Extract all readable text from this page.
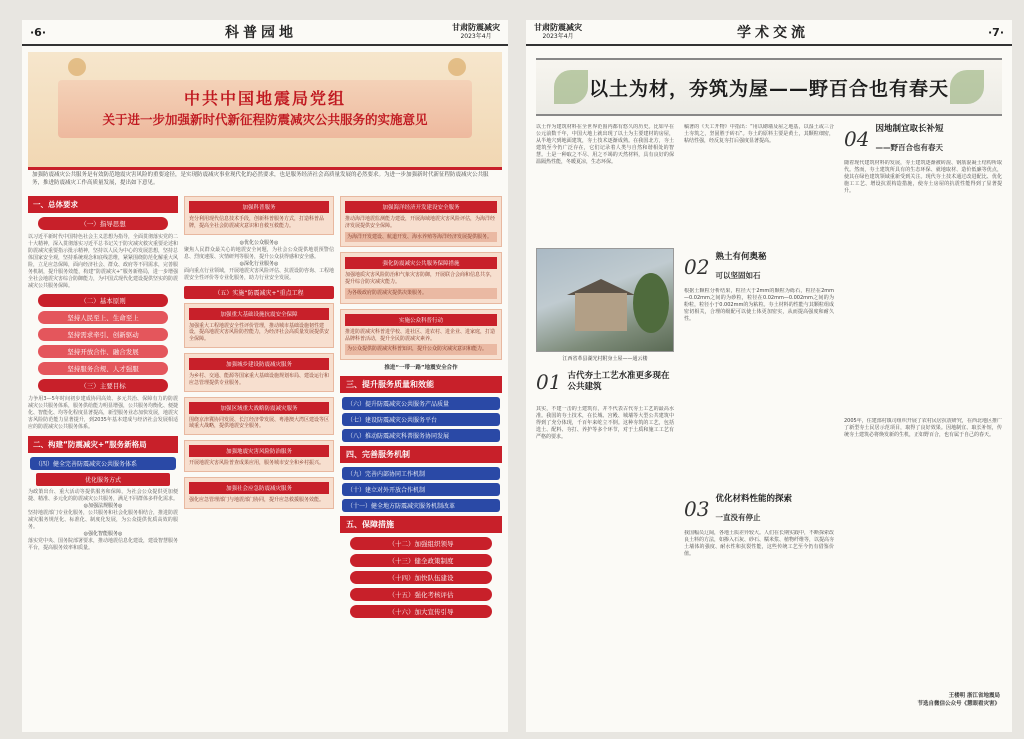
·6·	科普园地	甘肃防震减灾
2023年4月
中共中国地震局党组
关于进一步加强新时代新征程防震减灾公共服务的实施意见
加强防震减灾公共服务是有效防范地震灾害风险的重要途径，是实现防震减灾事业现代化的必然要求，也是服务经济社会高质量发展的必然要求。为进一步加强新时代新征程防震减灾公共服务，推进防震减灾工作高质量发展，提出如下意见。
一、总体要求
（一）指导思想
以习近平新时代中国特色社会主义思想为指导，全面贯彻落实党的二十大精神，深入贯彻落实习近平总书记关于防灾减灾救灾重要论述和防震减灾重要指示批示精神，坚持以人民为中心的发展思想，坚持总体国家安全观，坚持系统观念和底线思维，紧紧围绕防范化解重大风险，立足应急保障，面向经济社会、群众、政府等不同需求，完善服务机制，提升服务效能，构建“防震减灾+”服务新格局，进一步增强全社会地震灾害综合防御能力，为中国式现代化建设提供坚实的防震减灾公共服务保障。
（二）基本原则
坚持人民至上、生命至上
坚持需求牵引、创新驱动
坚持开放合作、融合发展
坚持服务合规、人才强服
（三）主要目标
力争用3—5年时间初步建成协同高效、多元共治、保障有力的防震减灾公共服务体系，服务供给能力明显增强，公共服务均衡化、便捷化、智能化、均等化程度显著提高，新型服务业态加快发展，地震灾害风险防范能力显著提升，到2035年基本建成与经济社会发展相适应的防震减灾公共服务体系。
二、构建“防震减灾+”服务新格局
（四）健全完善防震减灾公共服务体系
优化服务方式
为政策出台、重大活动等提供服务和保障，为社会公众提供更加便捷、精准、多元化的防震减灾公共服务，满足不同群体多样化需求。
◎加强法规服务◎
坚持地震部门专业化服务，公共服务和社会化服务相结合，推进防震减灾服务规范化、标准化、制度化发展，为公众提供优质高效的服务。
◎强化智能服务◎
落实党中央、国务院部署要求，推动地震信息化建设，建设智慧服务平台，提高服务效率和质量。
加强科普服务
充分利用现代信息技术手段，创新科普服务方式，打造科普品牌，提高全社会防震减灾意识和自救互救能力。
◎优化公众服务◎
聚焦人民群众最关心的地震安全问题，为社会公众提供地震预警信息、烈度速报、灾情研判等服务，提升公众获得感和安全感。
◎深化行业服务◎
面向重点行业领域，开展地震灾害风险评估、抗震设防咨询、工程地震安全性评价等专业化服务，助力行业安全发展。
（五）实施“防震减灾+”重点工程
加强重大基础设施抗震安全保障
加强重大工程地震安全性评价管理，推动城市基础设施韧性建设，提高地震灾害风险防控能力，为经济社会高质量发展提供安全保障。
加强城乡建设防震减灾服务
为乡村、交通、能源等国家重大基础设施规划布局、建设运行和应急管理提供专业服务。
加强区域重大战略防震减灾服务
围绕京津冀协同发展、长江经济带发展、粤港澳大湾区建设等区域重大战略，提供地震安全服务。
加强地震灾害风险防治服务
开展地震灾害风险普查成果应用，服务城市安全和乡村振兴。
加强社会应急防震减灾服务
强化应急管理部门与地震部门协同，提升应急救援服务效能。
加强海洋经济开发建设安全服务
推动海洋地震监测能力建设，开展海域地震灾害风险评估，为海洋经济发展提供安全保障。
为海洋开发建设、航道开发、海水养殖等海洋经济发展提供服务。
强化防震减灾公共服务保障措施
加强地质灾害风险防治和气象灾害防御，开展联合会商和信息共享，提升综合防灾减灾能力。
为各级政府防震减灾提供决策服务。
实施公众科普行动
推进防震减灾科普进学校、进社区、进农村、进企业、进家庭，打造品牌科普活动，提升全民防震减灾素养。
为公众提供防震减灾科普知识，提升公众防灾减灾意识和能力。
推进“一带一路”地震安全合作
三、提升服务质量和效能
（六）提升防震减灾公共服务产品质量
（七）建设防震减灾公共服务平台
（八）推动防震减灾科普服务协同发展
四、完善服务机制
（九）完善内部协同工作机制
（十）建立对外开放合作机制
（十一）健全地方防震减灾服务机制改革
五、保障措施
（十二）加强组织领导
（十三）健全政策制度
（十四）加快队伍建设
（十五）强化考核评估
（十六）加大宣传引导
甘肃防震减灾
2023年4月	学术交流	·7·
以土为材，夯筑为屋——野百合也有春天
以土作为建筑材料在全世界范围内都有悠久的历史。比如早在公元前数千年，中国大地上就出现了以土为主要建材的房屋，从半地穴到地面建筑，夯土技术逐渐成熟。在我国北方，夯土建筑至今仍广泛存在，它们记录着人类与自然和谐相处的智慧。土是一种取之不尽、用之不竭的天然材料，具有良好的保温隔热性能，冬暖夏凉，生态环保。
江西省革县湖光村附身土屋——通云楼
01 古代夯土工艺水准更多现在公共建筑
其实，不建一击的土建筑有，并不代表古代夯土工艺的最高水准。我国的夯土技术，在长城、宫殿、城墙等大型公共建筑中得到了充分体现，千百年来屹立不倒。这种夯筑的工艺，包括选土、配料、夯打、养护等多个环节，对于土质和施工工艺有严格的要求。
稿著的《天工开物》中指出：“用以砌墙及屋之地基，以湿土或三合土夯筑之，坚固胜于砖石”。夯土的原料主要是黄土，其颗粒细密，粘结性强，经反复夯打后强度显著提高。
02 熟土有何奥秘
可以坚固如石
根据土颗粒分析结果，粒径大于2mm的颗粒为砾石，粒径在2mm—0.02mm之间的为砂粒，粒径在0.02mm—0.002mm之间的为粉粒，粒径小于0.002mm的为粘粒。夯土材料的性能与其颗粒组成密切相关，合理的级配可以使土体更加密实，从而提高强度和耐久性。
03 优化材料性能的探索
一直没有停止
我国幅员辽阔，各地土质差异较大。人们在长期实践中，不断探索改良土料的方法，如掺入石灰、砂石、糯米浆、植物纤维等，以提高夯土墙体的强度、耐水性和抗裂性能，这些传统工艺至今仍有借鉴价值。
04 因地制宜取长补短
——野百合也有春天
随着现代建筑材料的发展，夯土建筑逐渐被砖混、钢筋混凝土结构所取代。然而，夯土建筑所具有的生态环保、就地取材、造价低廉等优点，使其在绿色建筑领域重新受到关注。现代夯土技术通过改进配比、优化施工工艺、增设抗震构造措施，使夯土房屋的抗震性能得到了显著提升。
2005年，住建部村镇司组织开展了农村民居抗震研究，在西北地区推广了新型夯土民居示范项目，取得了良好效果。因地制宜、取长补短，传统夯土建筑必将焕发新的生机，正如野百合，也有属于自己的春天。
王楼明 浙江省地震局
节选自微信公众号《慧眼看灾害》
